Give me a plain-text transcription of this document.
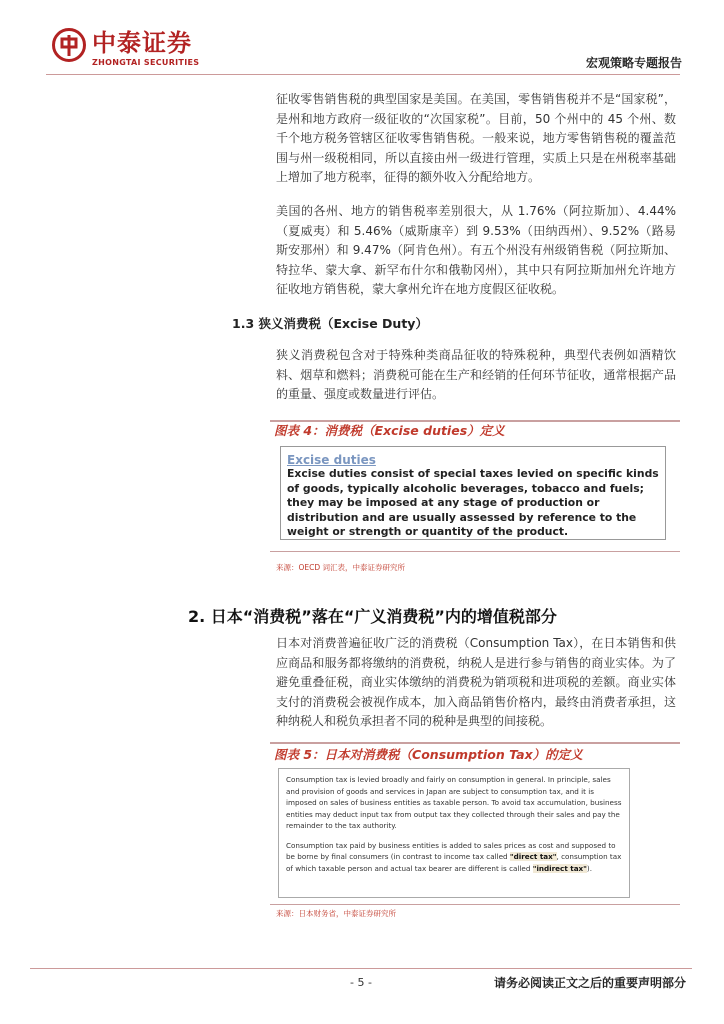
中泰证券
ZHONGTAI SECURITIES	宏观策略专题报告

征收零售销售税的典型国家是美国。在美国，零售销售税并不是“国家税”，是州和地方政府一级征收的“次国家税”。目前，50 个州中的 45 个州、数千个地方税务管辖区征收零售销售税。一般来说，地方零售销售税的覆盖范围与州一级税相同，所以直接由州一级进行管理，实质上只是在州税率基础上增加了地方税率，征得的额外收入分配给地方。

美国的各州、地方的销售税率差别很大，从 1.76%（阿拉斯加）、4.44%（夏威夷）和 5.46%（威斯康辛）到 9.53%（田纳西州）、9.52%（路易斯安那州）和 9.47%（阿肯色州）。有五个州没有州级销售税（阿拉斯加、特拉华、蒙大拿、新罕布什尔和俄勒冈州），其中只有阿拉斯加州允许地方征收地方销售税，蒙大拿州允许在地方度假区征收税。

1.3 狭义消费税（Excise Duty）

狭义消费税包含对于特殊种类商品征收的特殊税种，典型代表例如酒精饮料、烟草和燃料；消费税可能在生产和经销的任何环节征收，通常根据产品的重量、强度或数量进行评估。

图表 4：消费税（Excise duties）定义
Excise duties
Excise duties consist of special taxes levied on specific kinds of goods, typically alcoholic beverages, tobacco and fuels; they may be imposed at any stage of production or distribution and are usually assessed by reference to the weight or strength or quantity of the product.
来源：OECD 词汇表，中泰证券研究所
2. 日本“消费税”落在“广义消费税”内的增值税部分

日本对消费普遍征收广泛的消费税（Consumption Tax），在日本销售和供应商品和服务都将缴纳的消费税，纳税人是进行参与销售的商业实体。为了避免重叠征税，商业实体缴纳的消费税为销项税和进项税的差额。商业实体支付的消费税会被视作成本，加入商品销售价格内，最终由消费者承担，这种纳税人和税负承担者不同的税种是典型的间接税。

图表 5：日本对消费税（Consumption Tax）的定义

Consumption tax is levied broadly and fairly on consumption in general. In principle, sales and provision of goods and services in Japan are subject to consumption tax, and it is imposed on sales of business entities as taxable person. To avoid tax accumulation, business entities may deduct input tax from output tax they collected through their sales and pay the remainder to the tax authority.

Consumption tax paid by business entities is added to sales prices as cost and supposed to be borne by final consumers (in contrast to income tax called "direct tax", consumption tax of which taxable person and actual tax bearer are different is called "indirect tax").

来源：日本财务省，中泰证券研究所
- 5 -	请务必阅读正文之后的重要声明部分
